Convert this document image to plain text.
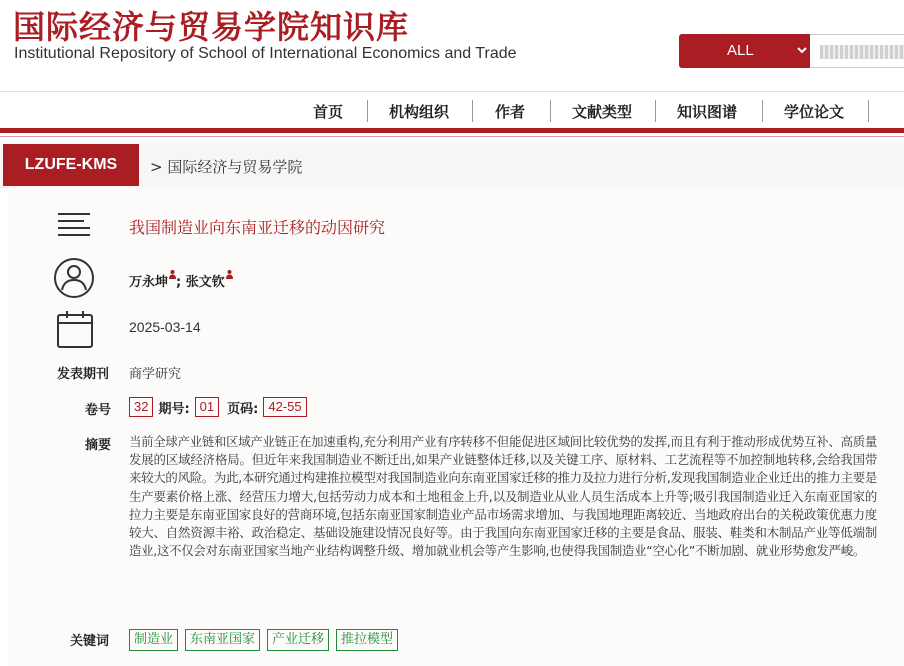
国际经济与贸易学院知识库
Institutional Repository of School of International Economics and Trade	ALL
首页	机构组织	作者	文献类型	知识图谱	学位论文
LZUFE-KMS	> 国际经济与贸易学院
我国制造业向东南亚迁移的动因研究
万永坤 ; 张文钦
2025-03-14
发表期刊 商学研究
卷号	32 期号: 01 页码: 42-55
摘要 当前全球产业链和区域产业链正在加速重构,充分利用产业有序转移不但能促进区域间比较优势的发挥,而且有利于推动形成优势互补、高质量发展的区域经济格局。但近年来我国制造业不断迁出,如果产业链整体迁移,以及关键工序、原材料、工艺流程等不加控制地转移,会给我国带来较大的风险。为此,本研究通过构建推拉模型对我国制造业向东南亚国家迁移的推力及拉力进行分析,发现我国制造业企业迁出的推力主要是生产要素价格上涨、经营压力增大,包括劳动力成本和土地租金上升,以及制造业从业人员生活成本上升等;吸引我国制造业迁入东南亚国家的拉力主要是东南亚国家良好的营商环境,包括东南亚国家制造业产品市场需求增加、与我国地理距离较近、当地政府出台的关税政策优惠力度较大、自然资源丰裕、政治稳定、基础设施建设情况良好等。由于我国向东南亚国家迁移的主要是食品、服装、鞋类和木制品产业等低端制造业,这不仅会对东南亚国家当地产业结构调整升级、增加就业机会等产生影响,也使得我国制造业“空心化”不断加剧、就业形势愈发严峻。
关键词	制造业 东南亚国家 产业迁移 推拉模型
